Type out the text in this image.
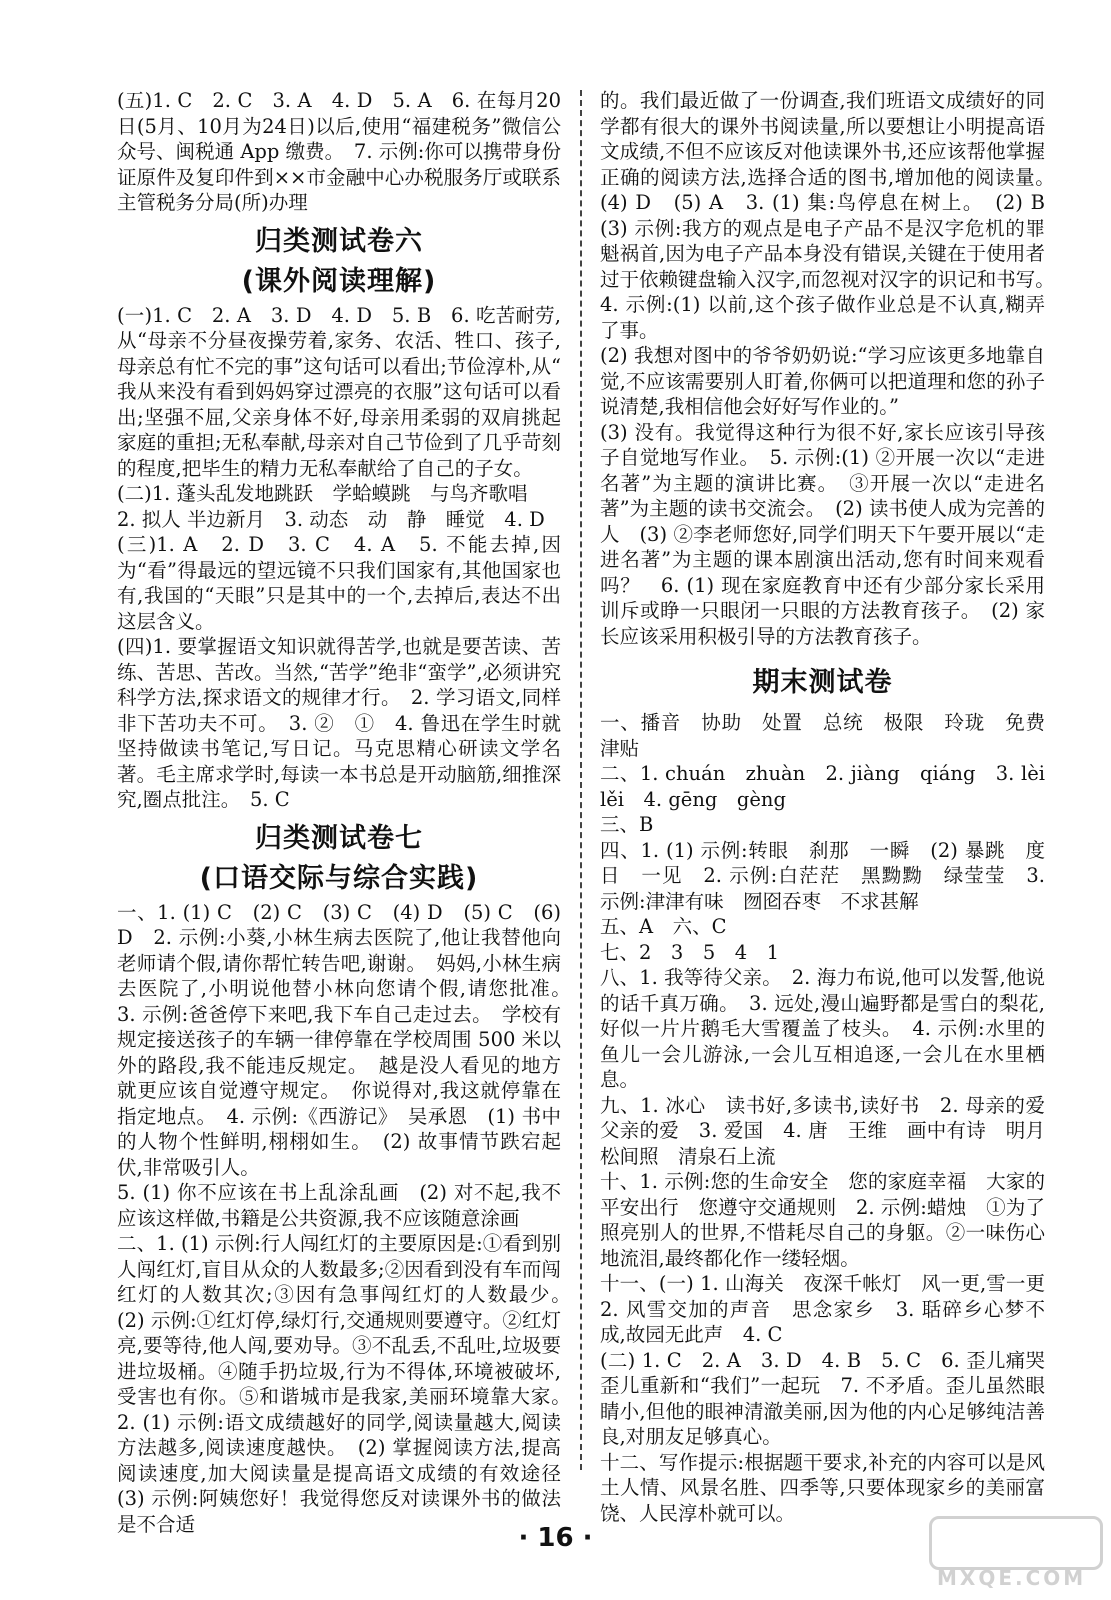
(五)1. C　2. C　3. A　4. D　5. A　6. 在每月20日(5月、10月为24日)以后,使用“福建税务”微信公众号、闽税通 App 缴费。　7. 示例:你可以携带身份证原件及复印件到××市金融中心办税服务厅或联系主管税务分局(所)办理

归类测试卷六
(课外阅读理解)

(一)1. C　2. A　3. D　4. D　5. B　6. 吃苦耐劳,从“母亲不分昼夜操劳着,家务、农活、牲口、孩子,母亲总有忙不完的事”这句话可以看出;节俭淳朴,从“ 我从来没有看到妈妈穿过漂亮的衣服”这句话可以看出;坚强不屈,父亲身体不好,母亲用柔弱的双肩挑起家庭的重担;无私奉献,母亲对自己节俭到了几乎苛刻的程度,把毕生的精力无私奉献给了自己的子女。

(二)1. 蓬头乱发地跳跃　学蛤蟆跳　与鸟齐歌唱

2. 拟人 半边新月　3. 动态　动　静　睡觉　4. D

(三)1. A　2. D　3. C　4. A　5. 不能去掉,因为“看”得最远的望远镜不只我们国家有,其他国家也有,我国的“天眼”只是其中的一个,去掉后,表达不出这层含义。

(四)1. 要掌握语文知识就得苦学,也就是要苦读、苦练、苦思、苦改。当然,“苦学”绝非“蛮学”,必须讲究科学方法,探求语文的规律才行。　2. 学习语文,同样非下苦功夫不可。　3. ②　①　4. 鲁迅在学生时就坚持做读书笔记,写日记。马克思精心研读文学名著。毛主席求学时,每读一本书总是开动脑筋,细推深究,圈点批注。　5. C

归类测试卷七
(口语交际与综合实践)

一、1. (1) C　(2) C　(3) C　(4) D　(5) C　(6) D　2. 示例:小葵,小林生病去医院了,他让我替他向老师请个假,请你帮忙转告吧,谢谢。　妈妈,小林生病去医院了,小明说他替小林向您请个假,请您批准。　3. 示例:爸爸停下来吧,我下车自己走过去。　学校有规定接送孩子的车辆一律停靠在学校周围 500 米以外的路段,我不能违反规定。　越是没人看见的地方就更应该自觉遵守规定。　你说得对,我这就停靠在指定地点。　4. 示例:《西游记》　吴承恩　(1) 书中的人物个性鲜明,栩栩如生。　(2) 故事情节跌宕起伏,非常吸引人。

5. (1) 你不应该在书上乱涂乱画　(2) 对不起,我不应该这样做,书籍是公共资源,我不应该随意涂画

二、1. (1) 示例:行人闯红灯的主要原因是:①看到别人闯红灯,盲目从众的人数最多;②因看到没有车而闯红灯的人数其次;③因有急事闯红灯的人数最少。　(2) 示例:①红灯停,绿灯行,交通规则要遵守。②红灯亮,要等待,他人闯,要劝导。③不乱丢,不乱吐,垃圾要进垃圾桶。④随手扔垃圾,行为不得体,环境被破坏,受害也有你。⑤和谐城市是我家,美丽环境靠大家。　2. (1) 示例:语文成绩越好的同学,阅读量越大,阅读方法越多,阅读速度越快。　(2) 掌握阅读方法,提高阅读速度,加大阅读量是提高语文成绩的有效途径　(3) 示例:阿姨您好！我觉得您反对读课外书的做法是不合适

的。我们最近做了一份调查,我们班语文成绩好的同学都有很大的课外书阅读量,所以要想让小明提高语文成绩,不但不应该反对他读课外书,还应该帮他掌握正确的阅读方法,选择合适的图书,增加他的阅读量。　(4) D　(5) A　3. (1) 集:鸟停息在树上。　(2) B　(3) 示例:我方的观点是电子产品不是汉字危机的罪魁祸首,因为电子产品本身没有错误,关键在于使用者过于依赖键盘输入汉字,而忽视对汉字的识记和书写。　4. 示例:(1) 以前,这个孩子做作业总是不认真,糊弄了事。

(2) 我想对图中的爷爷奶奶说:“学习应该更多地靠自觉,不应该需要别人盯着,你俩可以把道理和您的孙子说清楚,我相信他会好好写作业的。”

(3) 没有。我觉得这种行为很不好,家长应该引导孩子自觉地写作业。　5. 示例:(1) ②开展一次以“走进名著”为主题的演讲比赛。　③开展一次以“走进名著”为主题的读书交流会。　(2) 读书使人成为完善的人　(3) ②李老师您好,同学们明天下午要开展以“走进名著”为主题的课本剧演出活动,您有时间来观看吗？　6. (1) 现在家庭教育中还有少部分家长采用训斥或睁一只眼闭一只眼的方法教育孩子。　(2) 家长应该采用积极引导的方法教育孩子。

期末测试卷

一、播音　协助　处置　总统　极限　玲珑　免费　津贴

二、1. chuán　zhuàn　2. jiàng　qiáng　3. lèi　lěi　4. gēng　gèng

三、B

四、1. (1) 示例:转眼　刹那　一瞬　(2) 暴跳　度日　一见　2. 示例:白茫茫　黑黝黝　绿莹莹　3. 示例:津津有味　囫囵吞枣　不求甚解

五、A　六、C

七、2　3　5　4　1

八、1. 我等待父亲。　2. 海力布说,他可以发誓,他说的话千真万确。　3. 远处,漫山遍野都是雪白的梨花,好似一片片鹅毛大雪覆盖了枝头。　4. 示例:水里的鱼儿一会儿游泳,一会儿互相追逐,一会儿在水里栖息。

九、1. 冰心　读书好,多读书,读好书　2. 母亲的爱　父亲的爱　3. 爱国　4. 唐　王维　画中有诗　明月松间照　清泉石上流

十、1. 示例:您的生命安全　您的家庭幸福　大家的平安出行　您遵守交通规则　2. 示例:蜡烛　①为了照亮别人的世界,不惜耗尽自己的身躯。②一味伤心地流泪,最终都化作一缕轻烟。

十一、(一) 1. 山海关　夜深千帐灯　风一更,雪一更　2. 风雪交加的声音　思念家乡　3. 聒碎乡心梦不成,故园无此声　4. C

(二) 1. C　2. A　3. D　4. B　5. C　6. 歪儿痛哭　歪儿重新和“我们”一起玩　7. 不矛盾。歪儿虽然眼睛小,但他的眼神清澈美丽,因为他的内心足够纯洁善良,对朋友足够真心。

十二、写作提示:根据题干要求,补充的内容可以是风土人情、风景名胜、四季等,只要体现家乡的美丽富饶、人民淳朴就可以。

· 16 ·
MXQE.COM
